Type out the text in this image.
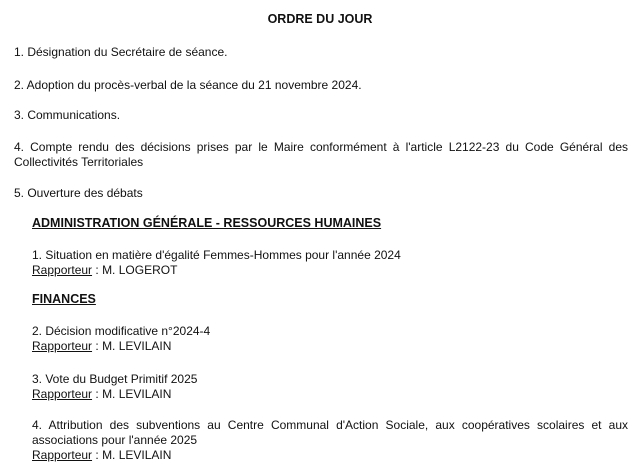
ORDRE DU JOUR
1. Désignation du Secrétaire de séance.
2. Adoption du procès-verbal de la séance du 21 novembre 2024.
3. Communications.
4. Compte rendu des décisions prises par le Maire conformément à l'article L2122-23 du Code Général des Collectivités Territoriales
5. Ouverture des débats
ADMINISTRATION GÉNÉRALE - RESSOURCES HUMAINES
1. Situation en matière d'égalité Femmes-Hommes pour l'année 2024
Rapporteur : M. LOGEROT
FINANCES
2. Décision modificative n°2024-4
Rapporteur : M. LEVILAIN
3. Vote du Budget Primitif 2025
Rapporteur : M. LEVILAIN
4. Attribution des subventions au Centre Communal d'Action Sociale, aux coopératives scolaires et aux associations pour l'année 2025
Rapporteur : M. LEVILAIN
